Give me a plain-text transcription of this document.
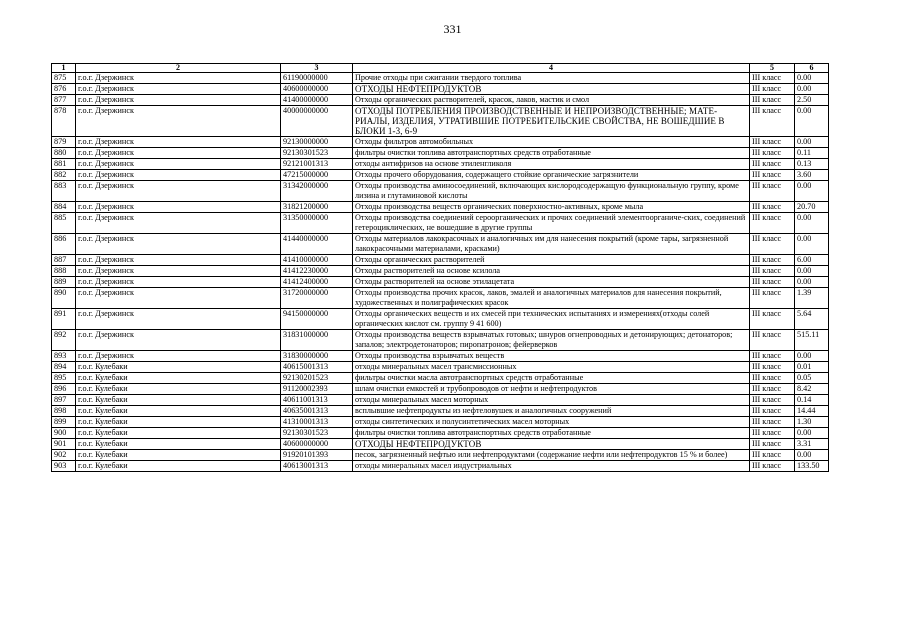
331
1	2	3	4	5	6
875	г.о.г. Дзержинск	61190000000	Прочие отходы при сжигании твердого топлива	III класс	0.00
876	г.о.г. Дзержинск	40600000000	ОТХОДЫ НЕФТЕПРОДУКТОВ	III класс	0.00
877	г.о.г. Дзержинск	41400000000	Отходы органических растворителей, красок, лаков, мастик и смол	III класс	2.50
878	г.о.г. Дзержинск	40000000000	ОТХОДЫ ПОТРЕБЛЕНИЯ ПРОИЗВОДСТВЕННЫЕ И НЕПРОИЗВОДСТВЕННЫЕ; МАТЕ-РИАЛЫ, ИЗДЕЛИЯ, УТРАТИВШИЕ ПОТРЕБИТЕЛЬСКИЕ СВОЙСТВА, НЕ ВОШЕДШИЕ В БЛОКИ 1-3, 6-9	III класс	0.00
879	г.о.г. Дзержинск	92130000000	Отходы фильтров автомобильных	III класс	0.00
880	г.о.г. Дзержинск	92130301523	фильтры очистки топлива автотранспортных средств отработанные	III класс	0.11
881	г.о.г. Дзержинск	92121001313	отходы антифризов на основе этиленгликоля	III класс	0.13
882	г.о.г. Дзержинск	47215000000	Отходы прочего оборудования, содержащего стойкие органические загрязнители	III класс	3.60
883	г.о.г. Дзержинск	31342000000	Отходы производства аминосоединений, включающих кислородсодержащую функциональную группу, кроме лизина и глутаминовой кислоты	III класс	0.00
884	г.о.г. Дзержинск	31821200000	Отходы производства веществ органических поверхностно-активных, кроме мыла	III класс	20.70
885	г.о.г. Дзержинск	31350000000	Отходы производства соединений сероорганических и прочих соединений элементоорганиче-ских, соединений гетероциклических, не вошедшие в другие группы	III класс	0.00
886	г.о.г. Дзержинск	41440000000	Отходы материалов лакокрасочных и аналогичных им для нанесения покрытий (кроме тары, загрязненной лакокрасочными материалами, красками)	III класс	0.00
887	г.о.г. Дзержинск	41410000000	Отходы органических растворителей	III класс	6.00
888	г.о.г. Дзержинск	41412230000	Отходы растворителей на основе ксилола	III класс	0.00
889	г.о.г. Дзержинск	41412400000	Отходы растворителей на основе этилацетата	III класс	0.00
890	г.о.г. Дзержинск	31720000000	Отходы производства прочих красок, лаков, эмалей и аналогичных материалов для нанесения покрытий, художественных и полиграфических красок	III класс	1.39
891	г.о.г. Дзержинск	94150000000	Отходы органических веществ и их смесей при технических испытаниях и измерениях(отходы солей органических кислот см. группу 9 41 600)	III класс	5.64
892	г.о.г. Дзержинск	31831000000	Отходы производства веществ взрывчатых готовых; шнуров огнепроводных и детонирующих; детонаторов; запалов; электродетонаторов; пиропатронов; фейерверков	III класс	515.11
893	г.о.г. Дзержинск	31830000000	Отходы производства взрывчатых веществ	III класс	0.00
894	г.о.г. Кулебаки	40615001313	отходы минеральных масел трансмиссионных	III класс	0.01
895	г.о.г. Кулебаки	92130201523	фильтры очистки масла автотранспортных средств отработанные	III класс	0.05
896	г.о.г. Кулебаки	91120002393	шлам очистки емкостей и трубопроводов от нефти и нефтепродуктов	III класс	8.42
897	г.о.г. Кулебаки	40611001313	отходы минеральных масел моторных	III класс	0.14
898	г.о.г. Кулебаки	40635001313	всплывшие нефтепродукты из нефтеловушек и аналогичных сооружений	III класс	14.44
899	г.о.г. Кулебаки	41310001313	отходы синтетических и полусинтетических масел моторных	III класс	1.30
900	г.о.г. Кулебаки	92130301523	фильтры очистки топлива автотранспортных средств отработанные	III класс	0.00
901	г.о.г. Кулебаки	40600000000	ОТХОДЫ НЕФТЕПРОДУКТОВ	III класс	3.31
902	г.о.г. Кулебаки	91920101393	песок, загрязненный нефтью или нефтепродуктами (содержание нефти или нефтепродуктов 15 % и более)	III класс	0.00
903	г.о.г. Кулебаки	40613001313	отходы минеральных масел индустриальных	III класс	133.50
